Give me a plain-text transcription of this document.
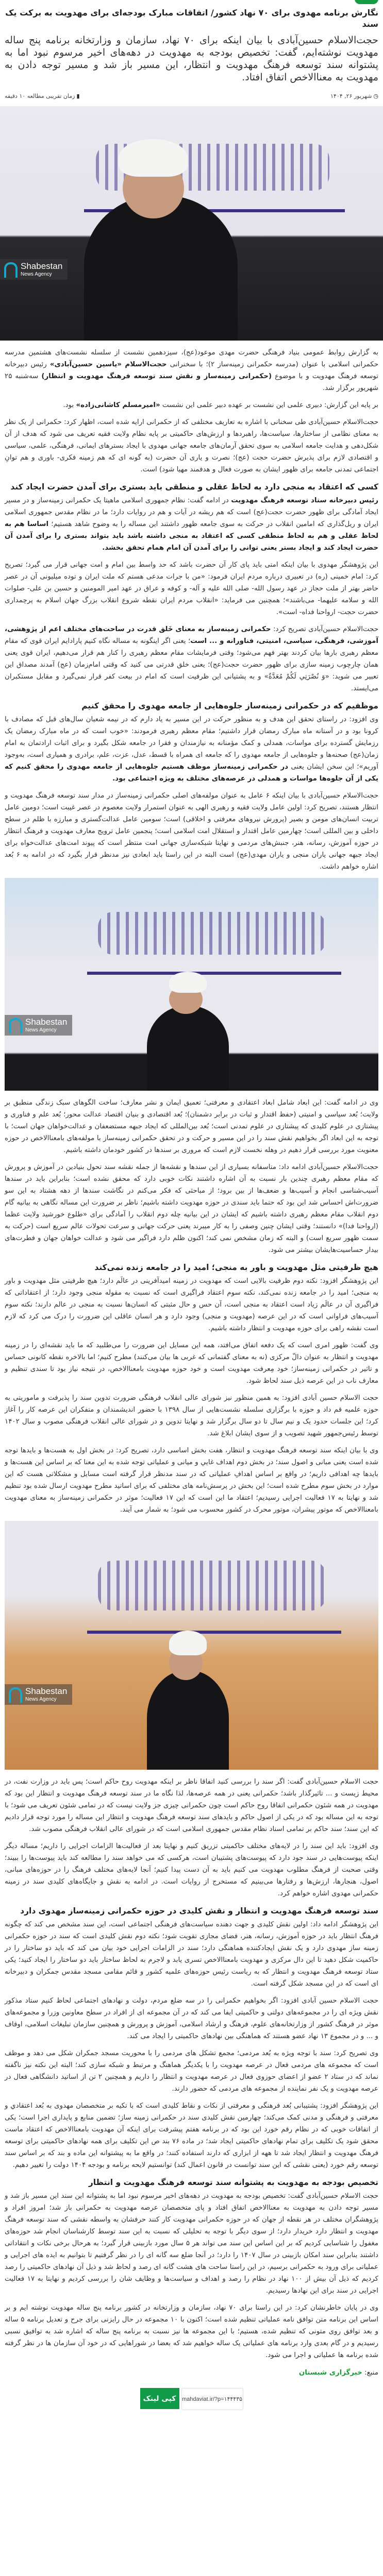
نگارش برنامه مهدوی برای ۷۰ نهاد کشور/ اتفاقات مبارک بودجه‌ای برای مهدویت به برکت یک سند

حجت‌الاسلام حسین‌آبادی با بیان اینکه برای ۷۰ نهاد، سازمان و وزارتخانه برنامه پنج ساله مهدویت نوشته‌ایم، گفت: تخصیص بودجه به مهدویت در دهه‌های اخیر مرسوم نبود اما به پشتوانه سند توسعه فرهنگ مهدویت و انتظار، این مسیر باز شد و مسیر توجه دادن به مهدویت به معناالاخص اتفاق افتاد.

◷
شهریور ۲۶, ۱۴۰۴
▮
زمان تقریبی مطالعه ۱۰ دقیقه
Shabestan
News Agency

به گزارش روابط عمومی بنیاد فرهنگی حضرت مهدی موعود(عج)، سیزدهمین نشست از سلسله نشست‌های هشتمین مدرسه حکمرانی اسلامی با عنوان (مدرسه حکمرانی زمینه‌ساز ۲)؛ با سخنرانی حجت‌الاسلام «یاسین حسین‌آبادی» رئیس دبیرخانه توسعه فرهنگ مهدویت و با موضوع (حکمرانی زمینه‌ساز و نقش سند توسعه فرهنگ مهدویت و انتظار) سه‌شنبه ۲۵ شهریور برگزار شد.

بر پایه این گزارش: دبیری علمی این نشست بر عهده دبیر علمی این نشست «امیرمسلم کاشانی‌زاده» بود.

حجت‌الاسلام حسین‌آبادی طی سخنانی با اشاره به تعاریف مختلفی که از حکمرانی ارایه شده است، اظهار کرد: حکمرانی از یک نظر به معنای نظامی از ساختارها، سیاست‌ها، راهبردها و ارزش‌های حاکمیتی بر پایه نظام ولایت فقیه تعریف می شود که هدف از آن شکل‌دهی و هدایت جامعه اسلامی به سوی تحقق آرمان‌های جامعه جهانی مهدوی با ایجاد بسترهای ایمانی، فرهنگی، علمی، سیاسی و اقتصادی لازم برای پذیرش حضرت حجت (عج)؛ نصرت و یاری آن حضرت (به گونه ای که هم زمینه فکری- باوری و هم توانِ اجتماعی تمدنی جامعه برای ظهور ایشان به صورت فعال و هدفمند مهیا شود) است.

کسی که اعتقاد به منجی دارد به لحاظ عقلی و منطقی باید بستری برای آمدن حضرت ایجاد کند

رئیس دبیرخانه ستاد توسعه فرهنگ مهدویت در ادامه گفت: نظام جمهوری اسلامی ماهیتا یک حکمرانی زمینه‌ساز و در مسیر ایجاد آمادگی برای ظهور حضرت حجت(عج) است که هم ریشه در آیات و هم در روایات دارد؛ ما در نظام مقدس جمهوری اسلامی ایران و ریل‌گذاری که امامین انقلاب در حرکت به سوی جامعه ظهور داشتند این مساله را به وضوح شاهد هستیم؛ اساسا هم به لحاظ عقلی و هم به لحاظ منطقی کسی که اعتقاد به منجی داشته باشد باید بتواند بستری را برای آمدن آن حضرت ایجاد کند و ایجاد بستر یعنی توانی را برای آمدن آن امام همام تحقق بخشد.

این پژوهشگر مهدوی با بیان اینکه امتی باید پای کار آن حضرت باشد که حد واسط بین امام و امت جهانی قرار می گیرد؛ تصریح کرد: امام خمینی (ره) در تعبیری درباره مردم ایران فرمود: «من با جرات مدعی هستم که ملت ایران و توده میلیونی آن در عصر حاضر بهتر از ملت حجاز در عهد رسول الله- صلی الله علیه و آله- و کوفه و عراق در عهد امیر المومنین و حسین بن علی- صلوات الله و سلامه علیهما- می‌باشند»؛ همچنین می فرماید: «انقلاب مردم ایران نقطه شروع انقلاب بزرگ جهان اسلام به پرچمداری حضرت حجت- ارواحنا فداه- است».

حجت‌الاسلام حسین‌آبادی تصریح کرد: حکمرانی زمینه‌ساز به معنای خَلق قدرت در ساحت‌های مختلف اعم از پژوهشی، آموزشی، فرهنگی، سیاسی، امنیتی، فناورانه و ... است؛ یعنی اگر اینگونه به مساله نگاه کنیم پارادایم ایران قوی که مقام معظم رهبری بارها بیان کردند بهتر فهم می‌شود؛ وقتی فرمایشات مقام معظم رهبری را کنار هم قرار می‌دهیم، ایران قوی یعنی همان چارچوب زمینه سازی برای ظهور حضرت حجت(عج)؛ یعنی خلق قدرتی می کنید که وقتی امام‌زمان (عج) آمدند مصداق این تعبیر می شوید: «وَ نُصْرَتِي لَكُمْ مُعَدَّةٌ» و به پشتیانی این ظرفیت است که امام در بیعت کفر قرار نمی‌گیرد و مقابل مستکبران می‌ایستد.

موظفیم که در حکمرانی زمینه‌ساز جلوه‌هایی از جامعه مهدوی را محقق کنیم

وی افزود: در راستای تحقق این هدف و به منظور حرکت در این مسیر به یاد دارم که در نیمه شعبان سال‌های قبل که مصادف با کرونا بود و در آستانه ماه مبارک رمضان قرار داشتیم؛ مقام معظم رهبری فرمودند: «خوب است که در ماه مبارک رمضان یک رزمایش گسترده برای مواسات، همدلی و کمک مؤمنانه به نیازمندان و فقرا در جامعه شکل بگیرد و برای اثبات ارادتمان به امام زمان(عج) صحنه‌ها و جلوه‌هایی از جامعه مهدوی را که جامعه ای همراه با قسط، عدل، عزت، علم، برادری و همیاری است، به‌وجود آوریم»؛ این سخن ایشان یعنی در حکمرانی زمینه‌ساز موظف هستیم جلوه‌هایی از جامعه مهدوی را محقق کنیم که یکی از آن جلوه‌ها مواسات و همدلی در عرصه‌های مختلف به ویژه اجتماعی بود.

حجت‌الاسلام حسین‌آبادی با بیان اینکه ۶ عامل به عنوان مولفه‌های اصلی حکمرانی زمینه‌ساز در مدار سند توسعه فرهنگ مهدویت و انتظار هستند، تصریح کرد: اولین عامل ولایت فقیه و رهبری الهی به عنوان استمرار ولایت معصوم در عصر غیبت است؛ دومین عامل تربیت انسان‌های مومن و بصیر (پرورش نیروهای معرفتی و اخلاقی) است؛ سومین عامل عدالت‌گستری و مبارزه با ظلم در سطح داخلی و بین المللی است؛ چهارمین عامل اقتدار و استقلال امت اسلامی است؛ پنجمین عامل ترویج معارف مهدویت و فرهنگ انتظار در حوزه آموزش، رسانه، هنر، جنبش‌های مردمی و نهایتا شبکه‌سازی جهانی امت منتظر است که پیوند امت‌های عدالت‌خواه برای ایجاد جبهه جهانی یاران منجی و یاران مهدی(عج) است البته در این راستا باید ابعادی نیز مدنظر قرار بگیرد که در ادامه به ۶ بُعد اشاره خواهم داشت.

Shabestan
News Agency

وی در ادامه گفت: این ابعاد شامل ابعاد اعتقادی و معرفتی؛ تعمیق ایمان و نشر معارف؛ ساخت الگوهای سبک زندگی منطبق بر ولایت؛ بُعد سیاسی و امنیتی (حفظ اقتدار و ثبات در برابر دشمنان)؛ بُعد اقتصادی و بنیان اقتصاد عدالت محور؛ بُعد علم و فناوری و پیشتازی در علوم کلیدی که پیشتازی در علوم تمدنی است؛ بُعد بین‌المللی که ایجاد جبهه مستضعفان و عدالت‌خواهان جهان است؛ با توجه به این ابعاد اگر بخواهیم نقش سند را در این مسیر و حرکت و در تحقق حکمرانی زمینه‌ساز با مولفه‌های بامعناالاخص در حوزه معنویت مورد بررسی قرار دهیم در وهله نخست لازم است که مروری بر سندها در کشور خودمان داشته باشیم.

حجت‌الاسلام حسین‌آبادی ادامه داد: متاسفانه بسیاری از این سندها و نقشه‌ها از جمله نقشه سند تحول بنیادین در آموزش و پرورش که مقام معظم رهبری چندین بار نسبت به آن اشاره داشتند نکات خوبی دارد که محقق نشده است؛ بنابراین باید در سندها آسیب‌شناسی انجام و آسیب‌ها و ضعف‌ها از بین برود؛ از مباحثی که فکر می‌کنم در نگاشت سندها از دهه هشتاد به این سو ضرورت‌اش احساس شد این بود که حتما باید سندی در حوزه مهدویت داشته باشیم؛ ناظر بر ضرورت این مساله نگاهی به بیانیه گام دوم انقلاب مقام معظم رهبری داشته باشیم که ایشان در این بیانیه چله دوم انقلاب را آمادگی برای «طلوع خورشید ولایت عظما (ارواحنا فدا)» دانستند؛ وقتی ایشان چنین وصفی را به کار میبرند یعنی حرکت جهانی و سرعت تحولات عالم سریع است (حرکت به سمت ظهور سریع است) و البته که زمان مشخص نمی کند؛ اکنون ظلم دارد فراگیر می شود و عدالت خواهان جهان و فطرت‌های بیدار حساسیت‌هایشان بیشتر می شود.

هیچ ظرفیتی مثل مهدویت و باور به منجی؛ امید را در جامعه زنده نمی‌کند

این پژوهشگر افزود: نکته دوم ظرفیت بالایی است که مهدویت در زمینه امیدآفرینی در عالَم دارد؛ هیچ ظرفیتی مثل مهدویت و باور به منجی؛ امید را در جامعه زنده نمی‌کند، نکته سوم اعتقاد فراگیری است که نسبت به مقوله منجی وجود دارد؛ از اعتقاداتی که فراگیری آن در عالَم زیاد است اعتقاد به منجی است، آن حس و حال مثبتی که انسان‌ها نسبت به منجی در عالم دارند؛ نکته سوم آسیب‌های فراوانی است که در این عرصه (مهدویت و منجی) وجود دارد و هر انسان عاقلی این ضرورت را درک می کرد که لازم است نقشه راهی برای حوزه مهدویت و انتظار داشته باشیم.

وی گفت: ظهور امری است که یک دفعه اتفاق می‌افتد، همه این مسایل این ضرورت را می‌طلبید که ما باید نقشه‌ای را در زمینه مهدویت و انتظار به عنوان دالّ مرکزی (نه به معنای گفتمانی که غربی ها بیان می‌کنند) مطرح کنیم؛ اما بالاخره نقطه کانونی حساس و تاثیر در حکمرانی زمینه‌ساز؛ خود مِعرفت مهدویت است و خود حوزه مهدویت بامعناالاخص، در نتیجه نیاز بود تا سندی تنظیم و معارف ناب در این عرصه ذیل سند لحاظ شود.

حجت الاسلام حسین آبادی افزود: به همین منظور نیز شورای عالی انقلاب فرهنگی ضرورت تدوین سند را پذیرفت و ماموریتی به حوزه علمیه قم داد و حوزه با برگزاری سلسله نشست‌هایی از سال ۱۳۹۸ با حضور اندیشمندان و متفکران این عرصه کار را آغاز کرد؛ این جلسات حدود یک و نیم سال تا دو سال برگزار شد و نهایتا تدوین و در شورای عالی انقلاب فرهنگی مصوب و سال ۱۴۰۲ توسط رئیس‌جمهور شهید تصویب و از سوی ایشان ابلاغ شد.

وی با بیان اینکه سند توسعه فرهنگ مهدویت و انتظار، هفت بخش اساسی دارد، تصریح کرد: در بخش اول به هست‌ها و بایدها توجه شده است یعنی مبانی و اصول سند؛ در بخش دوم اهداف غایي و میانی و عملیاتی توجه شده به این معنا که بر اساس این هست‌ها و بایدها چه اهدافی داریم؛ در واقع بر اساس اهدافِ عملیاتی که در سند مدنظر قرار گرفته است مسایل و مشکلاتی هست که این موارد در بخش سوم مطرح شده است؛ این بخش در پرسش‌نامه های مختلفی که برای اساتید مطرح مهدویت ارسال شده بود تنظیم شد و نهایتا به ۱۷ فعالیت اجرایی رسیدیم؛ اعتقاد ما این است که این ۱۷ فعالیت؛ موثر در حکمرانی زمینه‌ساز به معنای مهدویت بامعناالاخص که موتور پیشران، موتور محرک در کشور محسوب می شود؛ به شمار می آیند.

Shabestan
News Agency

حجت الاسلام حسین‌آبادی گفت: اگر سند را بررسی کنید اتفاقا ناظر بر اینکه مهدویت روح حاکم است؛ پس باید در وزارت نفت، در محیط زیست و ... تاثیرگذار باشد؛ حکمرانی یعنی در همه عرصه‌ها، لذا نگاه ما در سند توسعه فرهنگ مهدویت و انتظار این بود که مهدویت در همه شئون حکمرانی اتفاقا روح حاکم است چون حکمرانی چیزی جز ولایت نیست که در تمامی شئون تعریف می شود؛ با توجه به این مساله بود که در یکی از اصول حاکم و بایدهای سند توسعه فرهنگ مهدویت و انتظار این مساله را مورد توجه قرار دادیم که این سند؛ سند حاکم بر تمامی اسناد نظام مقدس جمهوری اسلامی است که در شورای عالی انقلاب فرهنگی مصوب شد.

وی افزود: باید این سند را در لایه‌های مختلف حاکمیتی تزریق کنیم و نهایتا بعد از فعالیت‌ها الزامات اجرایی را داریم؛ مساله دیگر اینکه پیوست‌هایی در سند جود دارد که پیوست‌های پشتیبان است، هرکسی که می خواهد سند را مطالعه کند باید پیوست‌ها را ببیند؛ وقتی صحبت از فرهنگ مطلوب مهدویت می کنیم باید به آن دست پیدا کنیم؛ آنجا لایه‌های مختلف فرهنگ را در حوزه‌های مبانی، اصول، هنجارها، ارزش‌ها و رفتارها می‌بینیم که مستخرج از روایات است. در ادامه به نقش و جایگاه‌های کلیدی سند در زمینه حکمرانی مهدوی اشاره خواهم کرد.

سند توسعه فرهنگ مهدویت و انتظار و نقش کلیدی در حوزه حکمرانی زمینه‌ساز مهدوی دارد

این پژوهشگر ادامه داد: اولین نقش کلیدی و جهت دهنده سیاست‌های فرهنگی اجتماعی است، این سند مشخص می کند که چگونه فرهنگ انتظار باید در حوزه آموزش، رسانه، هنر، فضای مجازی تقویت شود؛ نکته دوم نقش کلیدی است که سند در حوزه حکمرانی زمینه ساز مهدوی دارد و یک نقش ایجادکننده هماهنگی دارد؛ سند در الزامات اجرایی خود بیان می کند که باید دو ساختار را در حاکمیت شکل دهید تا این دال مرکزی و مهدویت بامعناالاخص تسری یابد و لاجرم به لحاظ ساختار باید دو ساختار را ایجاد کنید؛ یکی ستاد توسعه فرهنگ مهدویت و انتظار که به ریاست رئیس حوزه‌های علمیه کشور و قائم مقامی مسجد مقدس جمکران و دبیرخانه ای است که در این مسجد شکل گرفته است.

حجت الاسلام حسین آبادی افزود: اگر بخواهیم حکمرانی را در سه ضلع مردم، دولت و نهادهای اجتماعی لحاظ کنیم ستاد مذکور نقش ویژه ای را در مجموعه‌های دولتی و حاکمیتی ایفا می کند که در آن مجموعه ای از افراد در سطح معاونین وزرا و مجموعه‌های موثر در فرهنگ کشور از وزارتخانه‌های علوم، فرهنگ و ارشاد اسلامی، آموزش و پرورش و همچنین سازمان تبلیغات اسلامی، اوقاف و ... و در مجموع ۱۳ نهاد عضو هستند که هماهنگی بین نهادهای حاکمیتی را ایجاد می کند.

وی تصریح کرد: سند با توجه ویژه به بُعد مردمی؛ مجمع تشکل های مردمی را با محوریت مسجد جمکران شکل می دهد و موظف است که مجموعه های مردمی فعال در عرصه مهدویت را با یکدیگر هماهنگ و مرتبط و شبکه سازی کند؛ البته این نکته نیز ناگفته نماند که در ستاد ۲ عضو از اعضای حوزوی فعال در عرصه مهدویت و انتظار را داریم و همچنین ۲ تن از اساتید دانشگاهی فعال در عرصه مهدویت و یک نفر نماینده از مجموعه های مردمی که حضور دارند.

این پژوهشگر افزود: پشتیبانی بُعد فرهنگی و معرفتی از نکات و نقاط کلیدی است که با تکیه بر متخصصان مهدوی به بُعد اعتقادي و معرفتی و فرهنگی و مدنی کمک می‌کند؛ چهارمین نقش کلیدی سند در حکمرانی زمینه ساز؛ تضمین منابع و پایداری اجرا است؛ یکی از اتفاقات خوبی که در نظام رقم خورد این بود که در برنامه هفتم پیشرفت برای اینکه آن مهدویت بامعناالاخص که اعتقاد ماست محقق شود یک تکلیف برای تمام نهادهای حاکمیتی ایجاد شد؛ در ماده ۷۶ بند ص این تکلیف برای همه نهادهای حاکمیتی برای توسعه فرهنگ مهدویت و انتظار ایجاد شد تا ههه از ابزاری که دارند استفاده کنند؛ در واقع ما به پیشتوانه این ماده و بند که بر اساس سند توسعه رقم خورد (یعنی نقشی که این سند توانست در قانون اعمال کند) توانستیم لایحه برنامه و بودجه ۱۴۰۴ دولت را تغییر دهیم.

تخصیص بودجه به مهدویت به پشتوانه سند توسعه فرهنگ مهدویت و انتظار

حجت الاسلام حسین‌آبادی گفت: تخصیص بودجه به مهدویت در دهه‌های اخیر مرسوم نبود اما به پشتوانه این سند این مسیر باز شد و مسیر توجه دادن به مهدویت به معناالاخص اتفاق افتاد و پای متخصصان عرصه مهدویت به حکمرانی باز شد؛ امروز افراد و پژوهشگران مختلف در هر نقطه از جهان که در حوزه حکمرانی مهدویت کار کنند حرفشان به واسطه نقشی که سند توسعه فرهنگ مهدویت و انتظار دارد خریدار دارد؛ از سوی دیگر با توجه به تحلیلی که نسبت به این سند توسط کارشناسان انجام شد حوزه‌های مغفول را شناسایی کردیم که بر این اساس این سند می تواند هر ۵ سال مورد بازبینی قرار گیرد؛ به هرحال برخی نکات و انتقاداتی داشتند بنابراین سند امکان بازبینی در سال ۱۴۰۷ را دارد؛ در آنجا ضلع سه گانه ای را در نظر گرفتیم تا بتوانیم به ایده های اجرایی و عملیاتی برای ورود به حکمرانی برسیم، در این راستا ساحت های هشت گانه ای رصد و لحاظ شد و ذیل آن نهادهای حاکمیتی را رصد کردیم که ذیل آن بیش از ۱۰۰ نهاد در نظام را رصد و اهداف و سیاست‌ها و وظایف شان را بررسی کردیم و نهایتا به ۱۷ فعالیت اجرایی در سند برای این نهادها رسیدیم.

وی در پایان خاطرنشان کرد: در این راستا برای ۷۰ نهاد، سازمان و وزارتخانه در کشور برنامه پنج ساله مهدویت نوشته ایم و بر اساس این برنامه متن توافق نامه عملیاتی تنظیم شده است؛ اکنون با ۱۰ مجموعه در حال رایزنی برای جرح و تعدیل برنامه ۵ ساله و بعد توافق روی متونی که تنظیم شده، هستیم؛ با این مجموعه ها نیز نسبت به برنامه پنج ساله که اشاره شد به توافیق نسبی رسیدیم و در گام بعدی وارد برنامه های عملیاتی یک ساله خواهیم شد که بعضا در شوراهایی که در خود آن سازمان ها در نظر گرفته شده برنامه ها عملیاتی و اجرا می شود.

منبع: خبرگزاری شبستان
کپی لینک	mahdaviat.ir/?p=۱۴۴۴۳۵
